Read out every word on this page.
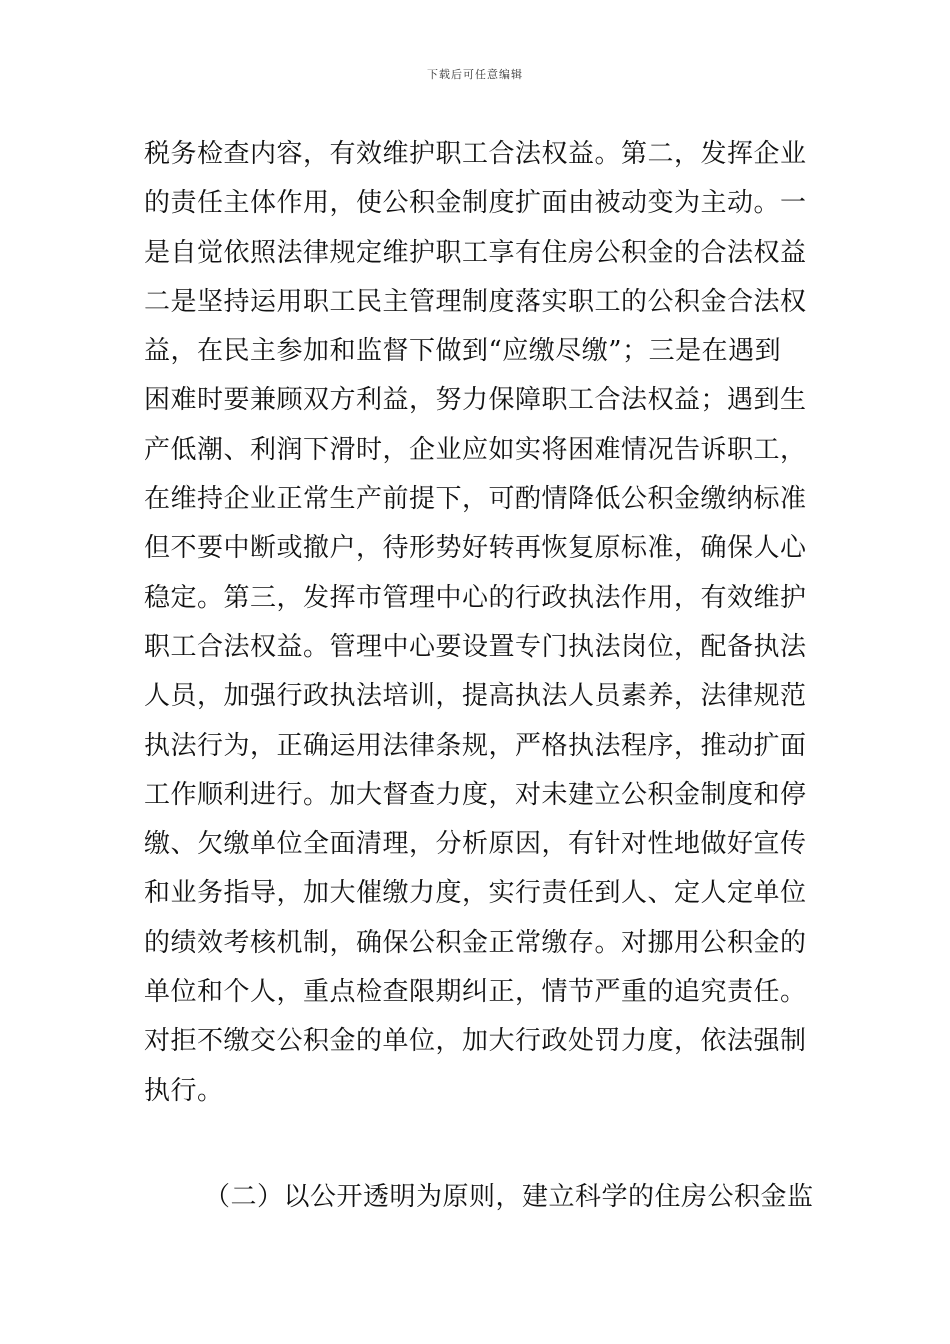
下载后可任意编辑
税务检查内容，有效维护职工合法权益。第二，发挥企业
的责任主体作用，使公积金制度扩面由被动变为主动。一
是自觉依照法律规定维护职工享有住房公积金的合法权益
二是坚持运用职工民主管理制度落实职工的公积金合法权
益，在民主参加和监督下做到“应缴尽缴”；三是在遇到
困难时要兼顾双方利益，努力保障职工合法权益；遇到生
产低潮、利润下滑时，企业应如实将困难情况告诉职工，
在维持企业正常生产前提下，可酌情降低公积金缴纳标准
但不要中断或撤户，待形势好转再恢复原标准，确保人心
稳定。第三，发挥市管理中心的行政执法作用，有效维护
职工合法权益。管理中心要设置专门执法岗位，配备执法
人员，加强行政执法培训，提高执法人员素养，法律规范
执法行为，正确运用法律条规，严格执法程序，推动扩面
工作顺利进行。加大督查力度，对未建立公积金制度和停
缴、欠缴单位全面清理，分析原因，有针对性地做好宣传
和业务指导，加大催缴力度，实行责任到人、定人定单位
的绩效考核机制，确保公积金正常缴存。对挪用公积金的
单位和个人，重点检查限期纠正，情节严重的追究责任。
对拒不缴交公积金的单位，加大行政处罚力度，依法强制
执行。
（二）以公开透明为原则，建立科学的住房公积金监
